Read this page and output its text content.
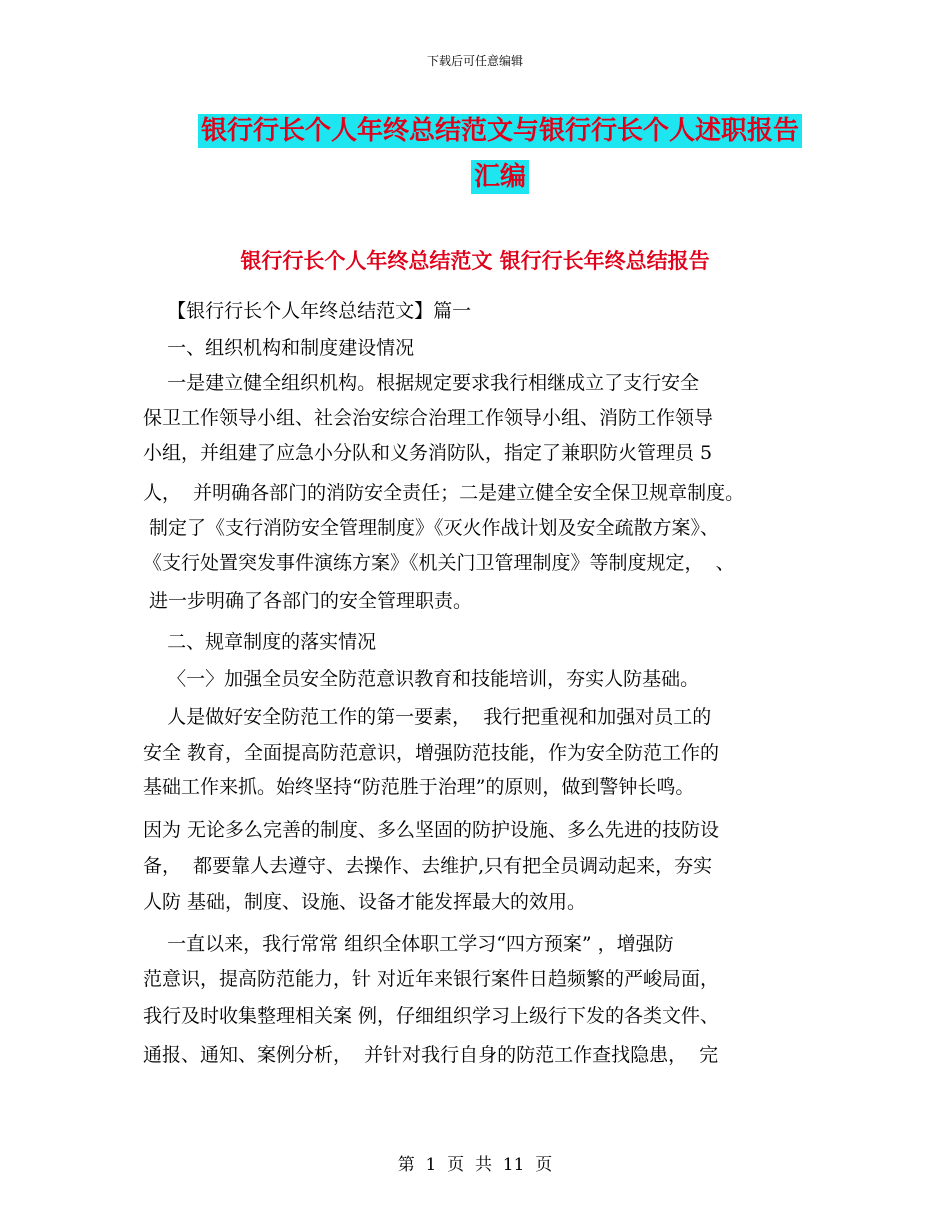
下载后可任意编辑
银行行长个人年终总结范文与银行行长个人述职报告
汇编
银行行长个人年终总结范文 银行行长年终总结报告
【银行行长个人年终总结范文】篇一
一、组织机构和制度建设情况
一是建立健全组织机构。根据规定要求我行相继成立了支行安全
保卫工作领导小组、社会治安综合治理工作领导小组、消防工作领导
小组，并组建了应急小分队和义务消防队，指定了兼职防火管理员 5
人，  并明确各部门的消防安全责任；二是建立健全安全保卫规章制度。
制定了《支行消防安全管理制度》《灭火作战计划及安全疏散方案》、
《支行处置突发事件演练方案》《机关门卫管理制度》等制度规定，  、
进一步明确了各部门的安全管理职责。
二、规章制度的落实情况
〈一〉加强全员安全防范意识教育和技能培训，夯实人防基础。
人是做好安全防范工作的第一要素，  我行把重视和加强对员工的
安全 教育，全面提高防范意识，增强防范技能，作为安全防范工作的
基础工作来抓。始终坚持“防范胜于治理”的原则，做到警钟长鸣。
因为 无论多么完善的制度、多么坚固的防护设施、多么先进的技防设
备，  都要靠人去遵守、去操作、去维护,只有把全员调动起来，夯实
人防 基础，制度、设施、设备才能发挥最大的效用。
一直以来，我行常常 组织全体职工学习“四方预案” ，增强防
范意识，提高防范能力，针 对近年来银行案件日趋频繁的严峻局面，
我行及时收集整理相关案 例，仔细组织学习上级行下发的各类文件、
通报、通知、案例分析，  并针对我行自身的防范工作查找隐患，  完
第  1  页  共  11  页
